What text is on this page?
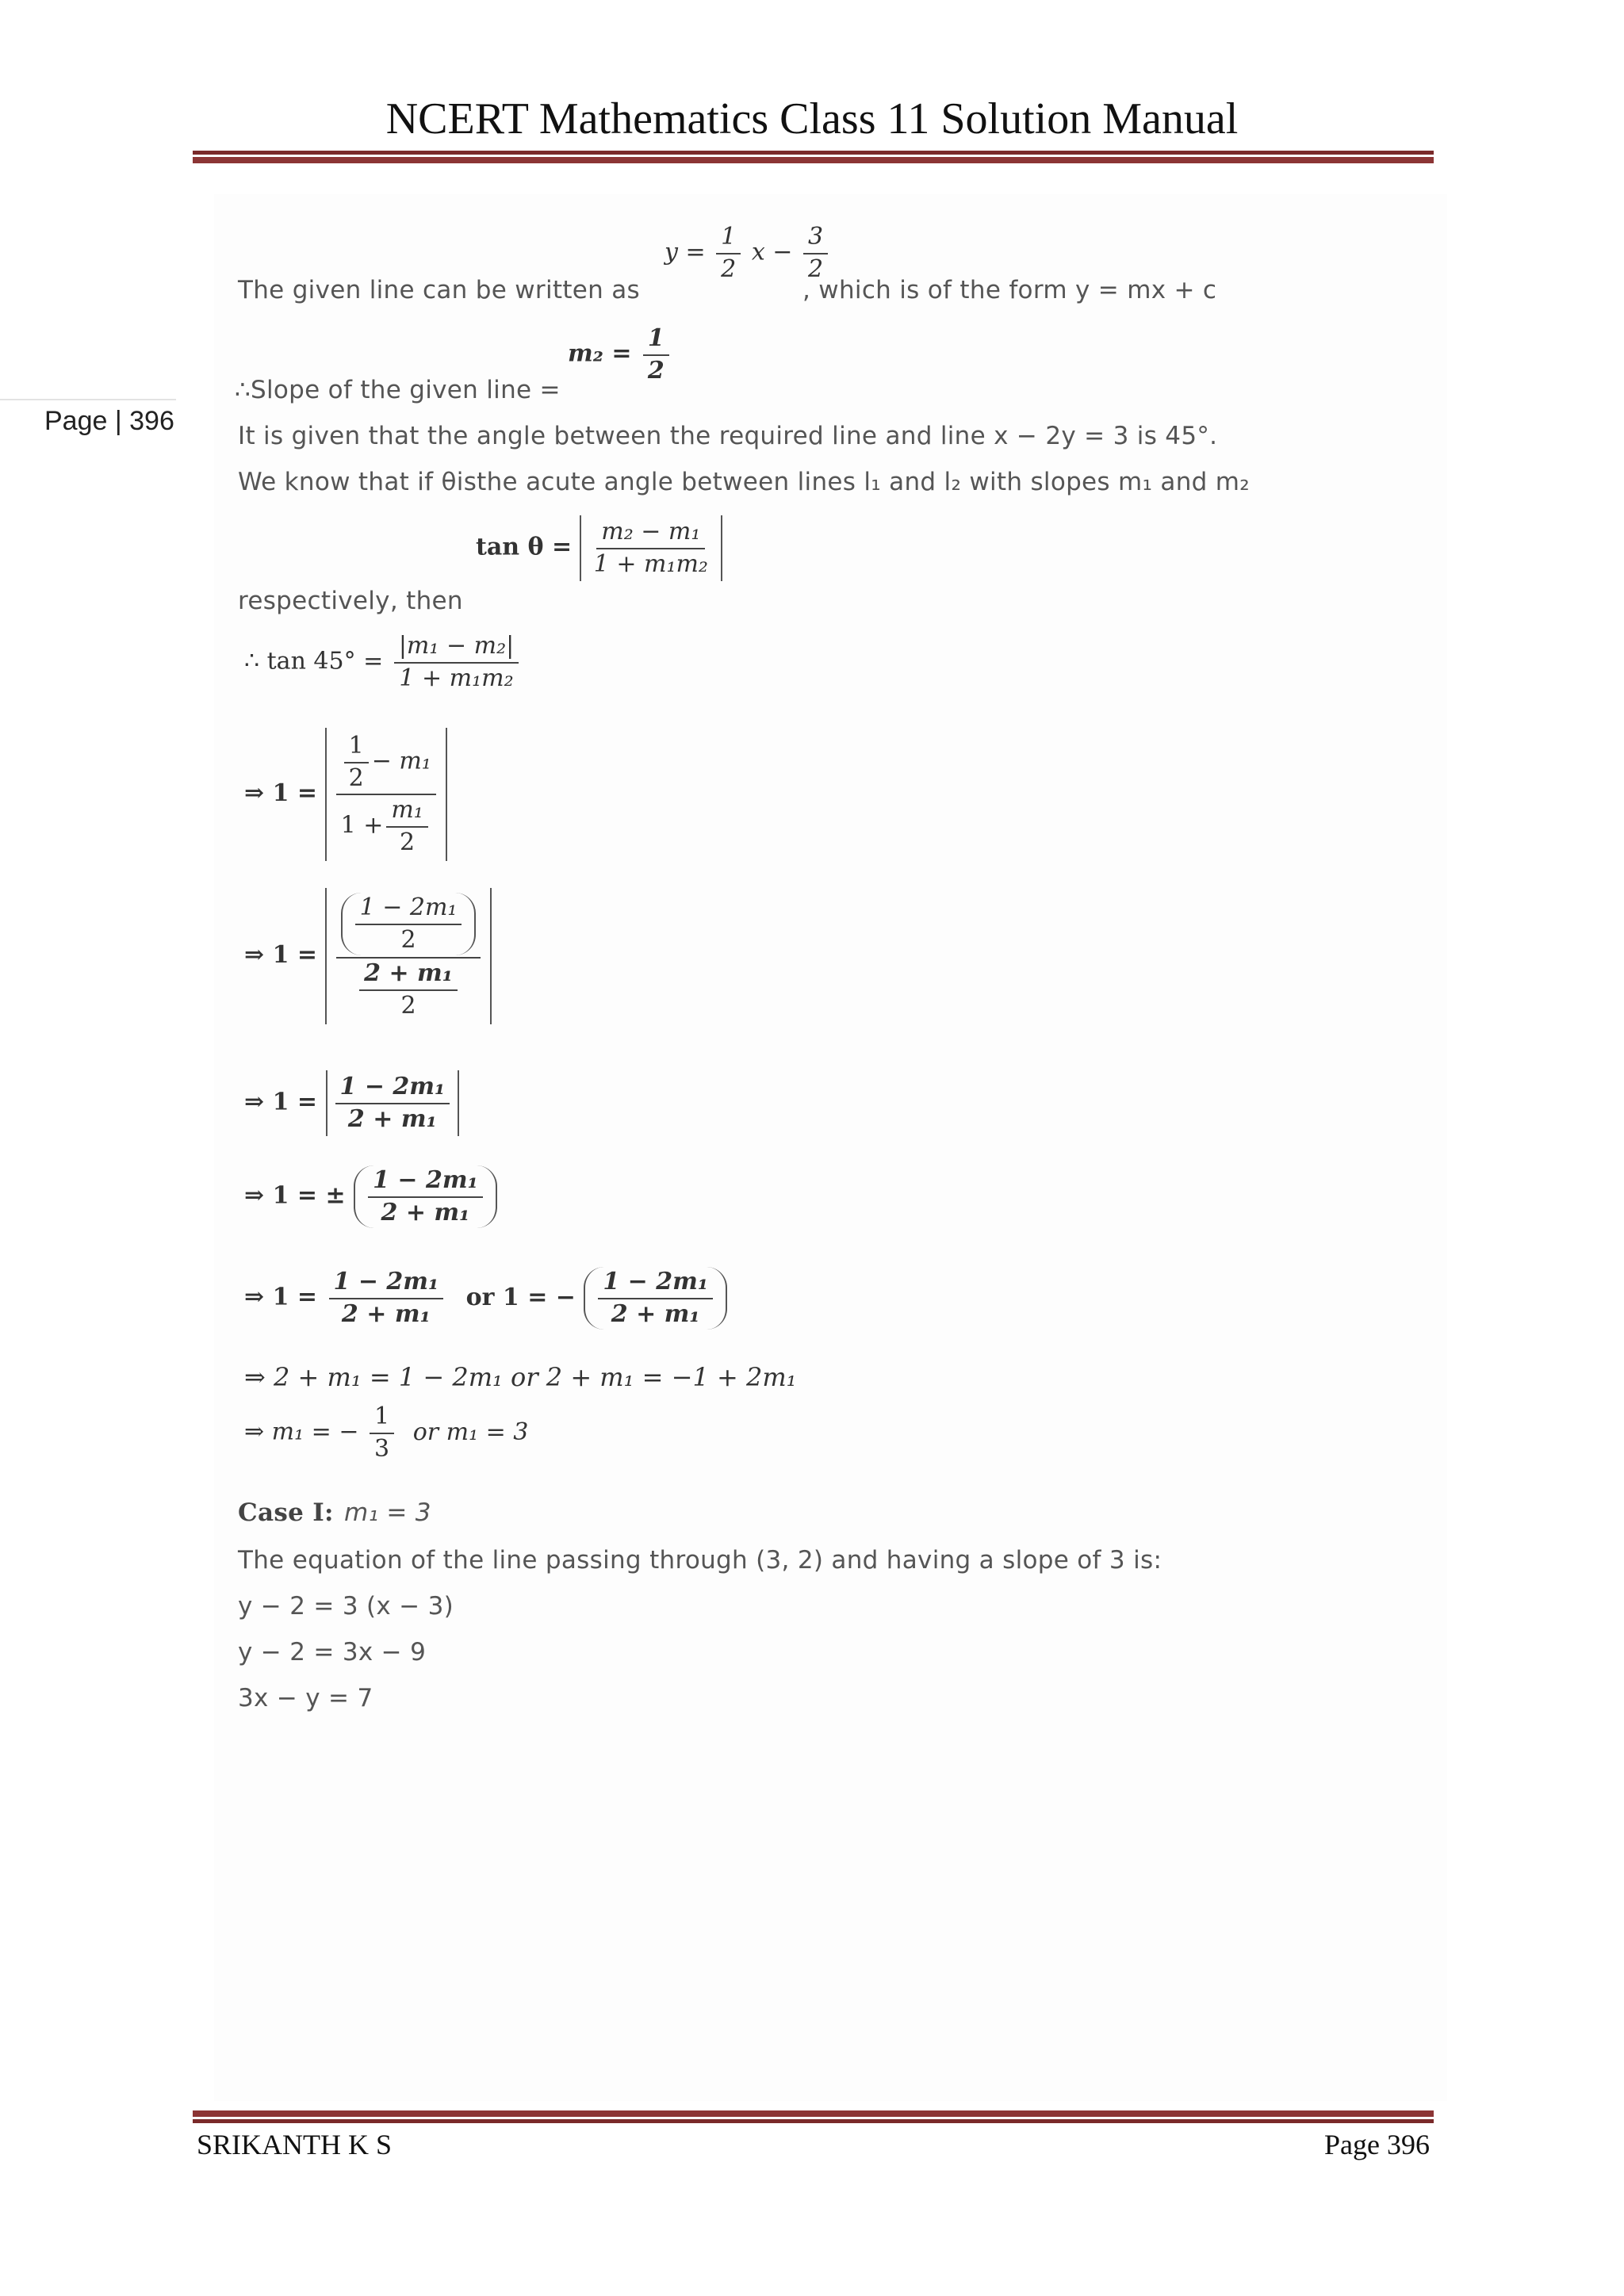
NCERT Mathematics Class 11 Solution Manual
Page | 396
The given line can be written as
$y = \frac{1}{2}$ $x - \frac{3}{2}$
, which is of the form y = mx + c
∴Slope of the given line =
$m_2 = \frac{1}{2}$
It is given that the angle between the required line and line x − 2y = 3 is 45°.
We know that if θisthe acute angle between lines l₁ and l₂ with slopes m₁ and m₂
respectively, then
$\tan \theta = \frac{\text{m₂ − m₁}}{\text{1 + m₁m₂}}$
∴ $\tan 45^\circ = \frac{\text{|m₁ − m₂|}}{\text{1 + m₁m₂}}$
⇒ $1 = \frac{\frac{1}{2} - m_1}{1 + \frac{\text{m₁}}{2}}$
⇒ $1 = \frac{\frac{\text{1 − 2m₁}}{2}}{\frac{\text{2 + m₁}}{2}}$
⇒ $1 = \frac{\text{1 − 2m₁}}{\text{2 + m₁}}$
⇒ 1 = ± $\frac{\text{1 − 2m₁}}{\text{2 + m₁}}$
⇒ $1 = \frac{\text{1 − 2m₁}}{\text{2 + m₁}}$ or 1 = − $\frac{\text{1 − 2m₁}}{\text{2 + m₁}}$
⇒ 2 + m₁ = 1 − 2m₁ or 2 + m₁ = −1 + 2m₁
⇒ m₁ = − $\frac{1}{3}$ or m₁ = 3
Case I: m₁ = 3
The equation of the line passing through (3, 2) and having a slope of 3 is:
y − 2 = 3 (x − 3)
y − 2 = 3x − 9
3x − y = 7
SRIKANTH K S	Page 396
